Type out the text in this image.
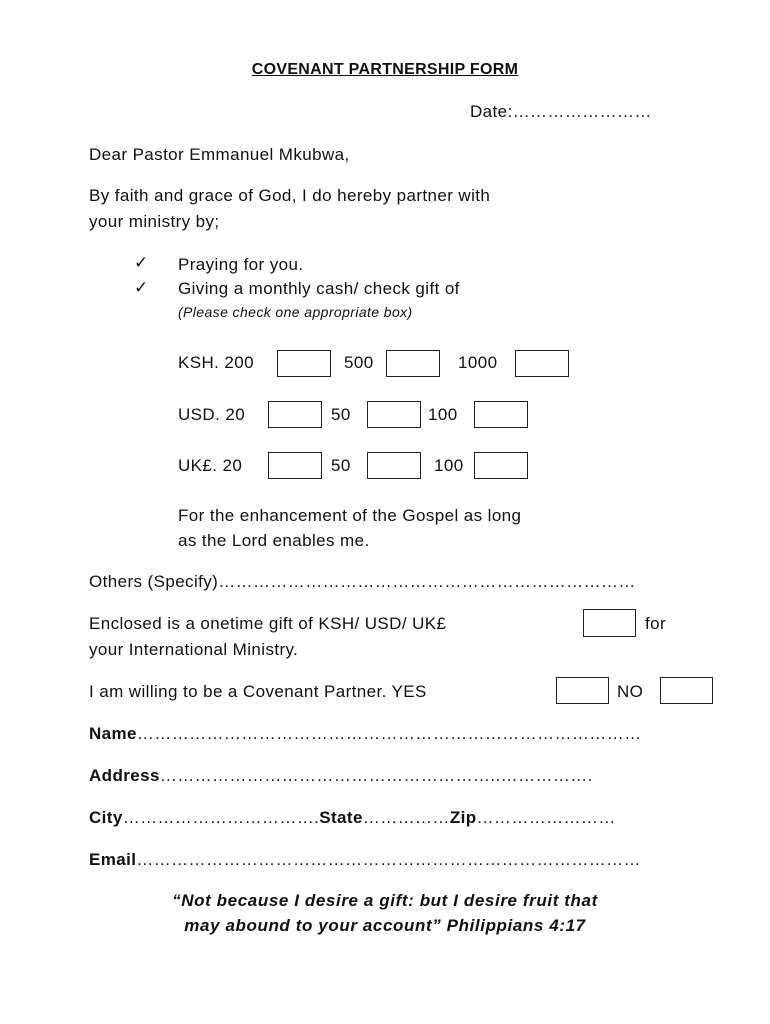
COVENANT PARTNERSHIP FORM
Date:……………………
Dear Pastor Emmanuel Mkubwa,
By faith and grace of God, I do hereby partner with
your ministry by;
✓ Praying for you.
✓ Giving a monthly cash/ check gift of
(Please check one appropriate box)
KSH. 200	500	1000
USD. 20	50	100
UK£. 20	50	100
For the enhancement of the Gospel as long
as the Lord enables me.
Others (Specify)………………………………………………………………
Enclosed is a onetime gift of KSH/ USD/ UK£	for
your International Ministry.
I am willing to be a Covenant Partner. YES	NO
Name……………………………………………………………………………
Address…………………………………………………..…………….
City…………………………….State……………Zip……………………
Email……………………………………………………………………………
“Not because I desire a gift: but I desire fruit that
may abound to your account” Philippians 4:17
